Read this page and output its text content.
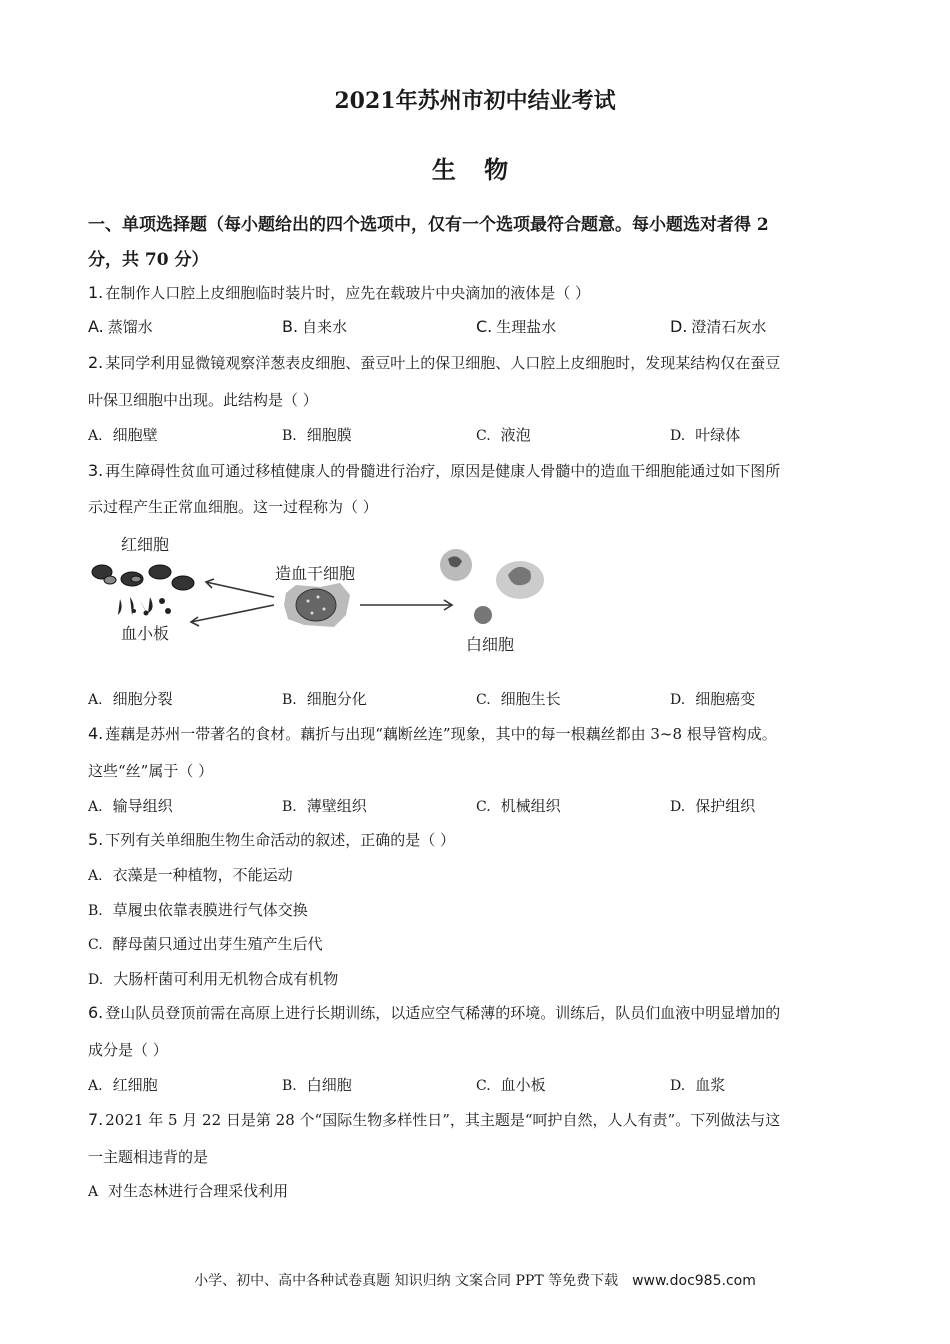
2021年苏州市初中结业考试
生 物
一、单项选择题（每小题给出的四个选项中，仅有一个选项最符合题意。每小题选对者得 2
分，共 70 分）
1. 在制作人口腔上皮细胞临时装片时，应先在载玻片中央滴加的液体是（ ）
A. 蒸馏水	B. 自来水	C. 生理盐水	D. 澄清石灰水
2. 某同学利用显微镜观察洋葱表皮细胞、蚕豆叶上的保卫细胞、人口腔上皮细胞时，发现某结构仅在蚕豆
叶保卫细胞中出现。此结构是（ ）
A. 细胞壁	B. 细胞膜	C. 液泡	D. 叶绿体
3. 再生障碍性贫血可通过移植健康人的骨髓进行治疗，原因是健康人骨髓中的造血干细胞能通过如下图所
示过程产生正常血细胞。这一过程称为（ ）
红细胞
血小板
造血干细胞
白细胞
A. 细胞分裂	B. 细胞分化	C. 细胞生长	D. 细胞癌变
4. 莲藕是苏州一带著名的食材。藕折与出现“藕断丝连”现象，其中的每一根藕丝都由 3~8 根导管构成。
这些“丝”属于（ ）
A. 输导组织	B. 薄壁组织	C. 机械组织	D. 保护组织
5. 下列有关单细胞生物生命活动的叙述，正确的是（ ）
A. 衣藻是一种植物，不能运动
B. 草履虫依靠表膜进行气体交换
C. 酵母菌只通过出芽生殖产生后代
D. 大肠杆菌可利用无机物合成有机物
6. 登山队员登顶前需在高原上进行长期训练，以适应空气稀薄的环境。训练后，队员们血液中明显增加的
成分是（ ）
A. 红细胞	B. 白细胞	C. 血小板	D. 血浆
7. 2021 年 5 月 22 日是第 28 个“国际生物多样性日”，其主题是“呵护自然，人人有责”。下列做法与这
一主题相违背的是
A 对生态林进行合理采伐利用
小学、初中、高中各种试卷真题 知识归纳 文案合同 PPT 等免费下载 www.doc985.com
